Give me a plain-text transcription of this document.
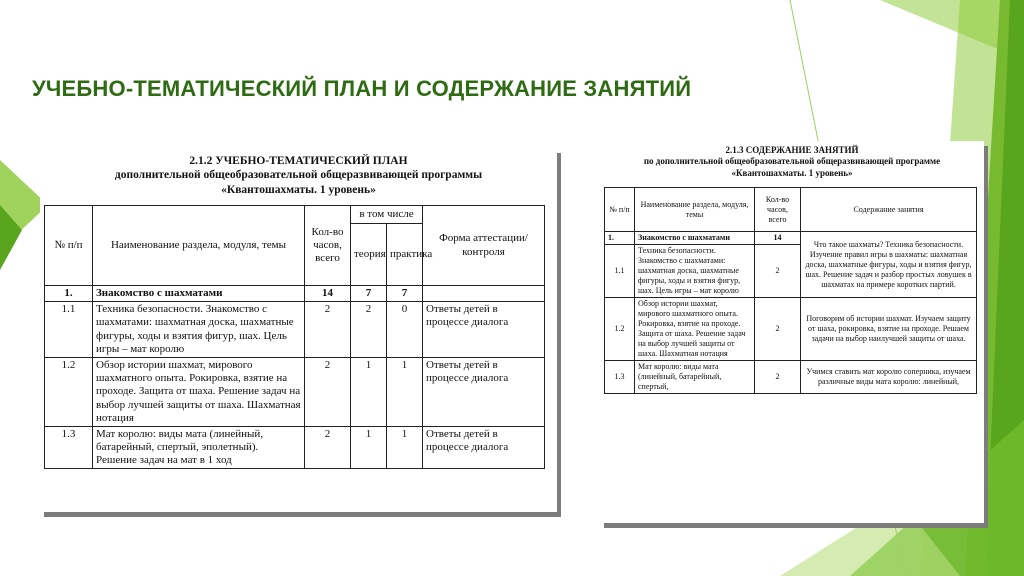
УЧЕБНО-ТЕМАТИЧЕСКИЙ ПЛАН И СОДЕРЖАНИЕ ЗАНЯТИЙ
2.1.2 УЧЕБНО-ТЕМАТИЧЕСКИЙ ПЛАН
дополнительной общеобразовательной общеразвивающей программы
«Квантошахматы. 1 уровень»
№ п/п	Наименование раздела, модуля, темы	Кол-во часов, всего	в том числе		Форма аттестации/ контроля
			теория	практика	
1.	Знакомство с шахматами	14	7	7	
1.1	Техника безопасности. Знакомство с шахматами: шахматная доска, шахматные фигуры, ходы и взятия фигур, шах. Цель игры – мат королю	2	2	0	Ответы детей в процессе диалога
1.2	Обзор истории шахмат, мирового шахматного опыта. Рокировка, взятие на проходе. Защита от шаха. Решение задач на выбор лучшей защиты от шаха. Шахматная нотация	2	1	1	Ответы детей в процессе диалога
1.3	Мат королю: виды мата (линейный, батарейный, спертый, эполетный). Решение задач на мат в 1 ход	2	1	1	Ответы детей в процессе диалога
2.1.3 СОДЕРЖАНИЕ ЗАНЯТИЙ
по дополнительной общеобразовательной общеразвивающей программе
«Квантошахматы. 1 уровень»
№ п/п	Наименование раздела, модуля, темы	Кол-во часов, всего	Содержание занятия
1.	Знакомство с шахматами	14	Что такое шахматы? Техника безопасности. Изучение правил игры в шахматы: шахматная доска, шахматные фигуры, ходы и взятия фигур, шах. Решение задач и разбор простых ловушек в шахматах на примере коротких партий.
1.1	Техника безопасности. Знакомство с шахматами: шахматная доска, шахматные фигуры, ходы и взятия фигур, шах. Цель игры – мат королю	2	
1.2	Обзор истории шахмат, мирового шахматного опыта. Рокировка, взятие на проходе. Защита от шаха. Решение задач на выбор лучшей защиты от шаха. Шахматная нотация	2	Поговорим об истории шахмат. Изучаем защиту от шаха, рокировка, взятие на проходе. Решаем задачи на выбор наилучшей защиты от шаха.
1.3	Мат королю: виды мата (линейный, батарейный, спертый,	2	Учимся ставить мат королю соперника, изучаем различные виды мата королю: линейный,
